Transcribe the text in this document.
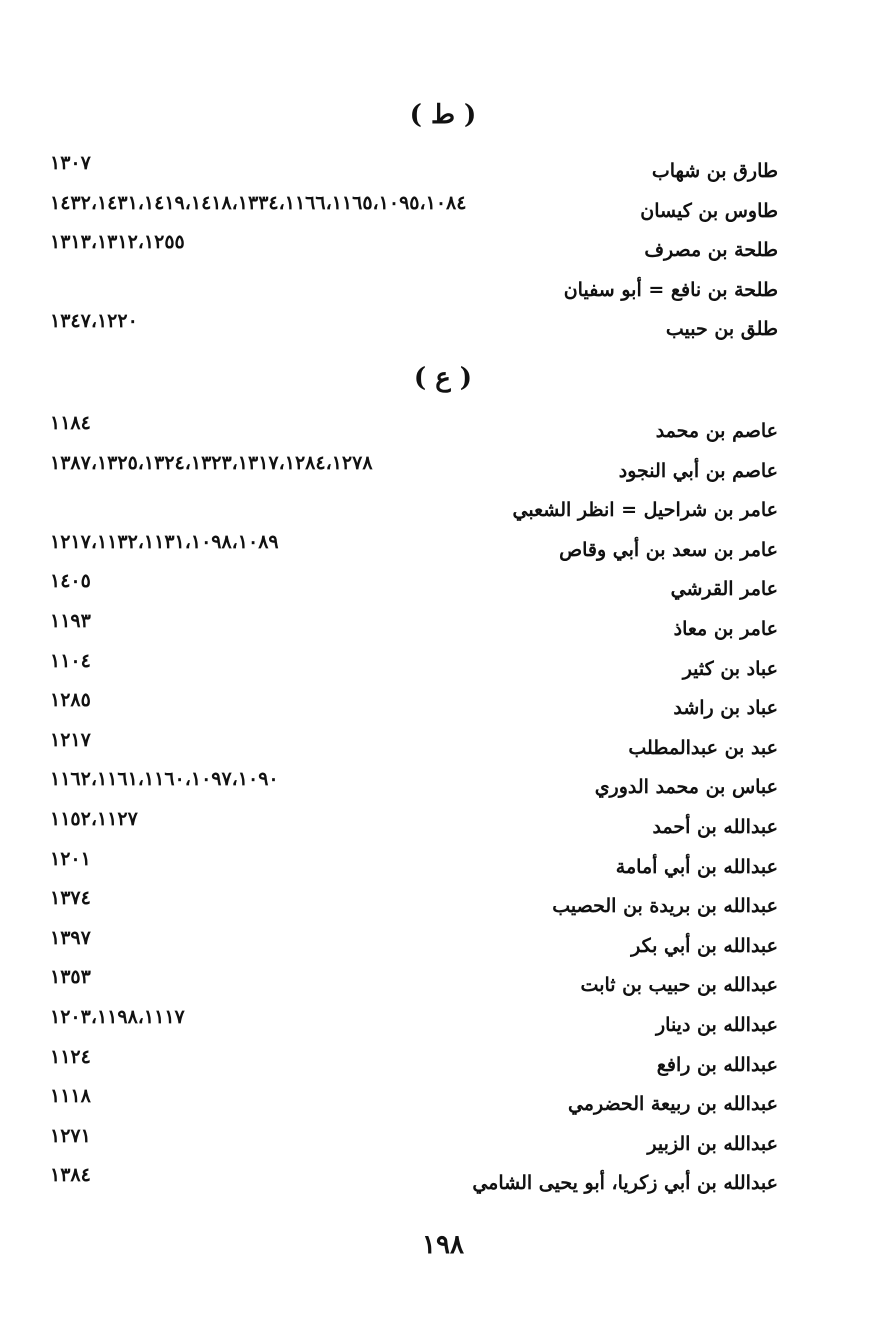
( ط )
طارق بن شهاب
١٣٠٧
طاوس بن كيسان
١٤٣٢،١٤٣١،١٤١٩،١٤١٨،١٣٣٤،١١٦٦،١١٦٥،١٠٩٥،١٠٨٤
طلحة بن مصرف
١٣١٣،١٣١٢،١٢٥٥
طلحة بن نافع = أبو سفيان
طلق بن حبيب
١٣٤٧،١٢٢٠
( ع )
عاصم بن محمد
١١٨٤
عاصم بن أبي النجود
١٣٨٧،١٣٢٥،١٣٢٤،١٣٢٣،١٣١٧،١٢٨٤،١٢٧٨
عامر بن شراحيل = انظر الشعبي
عامر بن سعد بن أبي وقاص
١٢١٧،١١٣٢،١١٣١،١٠٩٨،١٠٨٩
عامر القرشي
١٤٠٥
عامر بن معاذ
١١٩٣
عباد بن كثير
١١٠٤
عباد بن راشد
١٢٨٥
عبد بن عبدالمطلب
١٢١٧
عباس بن محمد الدوري
١١٦٢،١١٦١،١١٦٠،١٠٩٧،١٠٩٠
عبدالله بن أحمد
١١٥٢،١١٢٧
عبدالله بن أبي أمامة
١٢٠١
عبدالله بن بريدة بن الحصيب
١٣٧٤
عبدالله بن أبي بكر
١٣٩٧
عبدالله بن حبيب بن ثابت
١٣٥٣
عبدالله بن دينار
١٢٠٣،١١٩٨،١١١٧
عبدالله بن رافع
١١٢٤
عبدالله بن ربيعة الحضرمي
١١١٨
عبدالله بن الزبير
١٢٧١
عبدالله بن أبي زكريا، أبو يحيى الشامي
١٣٨٤
١٩٨
